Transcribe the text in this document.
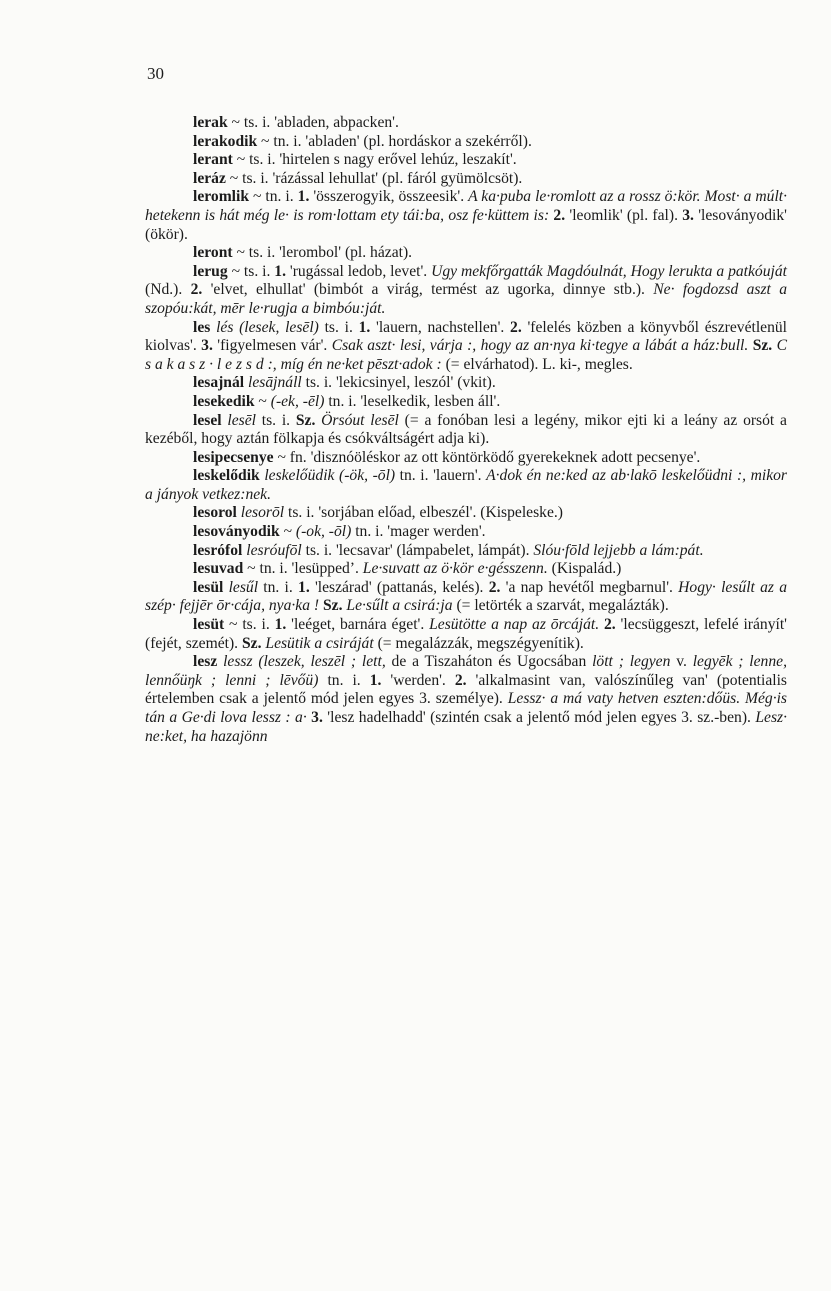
30

lerak ~ ts. i. 'abladen, abpacken'.

lerakodik ~ tn. i. 'abladen' (pl. hordáskor a szekérről).

lerant ~ ts. i. 'hirtelen s nagy erővel lehúz, leszakít'.

leráz ~ ts. i. 'rázással lehullat' (pl. fáról gyümölcsöt).

leromlik ~ tn. i. 1. 'összerogyik, összeesik'. A ka·puba le·romlott az a rossz ö:kör. Most· a múlt· hetekenn is hát még le· is rom·lottam ety tái:ba, osz fe·küttem is: 2. 'leomlik' (pl. fal). 3. 'lesoványodik' (ökör).

leront ~ ts. i. 'lerombol' (pl. házat).

lerug ~ ts. i. 1. 'rugással ledob, levet'. Ugy mekfőrgatták Magdóulnát, Hogy lerukta a patkóuját (Nd.). 2. 'elvet, elhullat' (bimbót a virág, termést az ugorka, dinnye stb.). Ne· fogdozsd aszt a szopóu:kát, mēr le·rugja a bimbóu:ját.

les lés (lesek, lesēl) ts. i. 1. 'lauern, nachstellen'. 2. 'felelés közben a könyvből észrevétlenül kiolvas'. 3. 'figyelmesen vár'. Csak aszt· lesi, várja :, hogy az an·nya ki·tegye a lábát a ház:bull. Sz. C s a k a s z · l e z s d :, míg én ne·ket pēszt·adok : (= elvárhatod). L. ki-, megles.

lesajnál lesājnáll ts. i. 'lekicsinyel, leszól' (vkit).

lesekedik ~ (-ek, -ēl) tn. i. 'leselkedik, lesben áll'.

lesel lesēl ts. i. Sz. Örsóut lesēl (= a fonóban lesi a legény, mikor ejti ki a leány az orsót a kezéből, hogy aztán fölkapja és csókváltságért adja ki).

lesipecsenye ~ fn. 'disznóöléskor az ott köntörködő gyerekeknek adott pecsenye'.

leskelődik leskelőüdik (-ök, -ōl) tn. i. 'lauern'. A·dok én ne:ked az ab·lakō leskelőüdni :, mikor a jányok vetkez:nek.

lesorol lesorōl ts. i. 'sorjában előad, elbeszél'. (Kispeleske.)

lesoványodik ~ (-ok, -ōl) tn. i. 'mager werden'.

lesrófol lesróufōl ts. i. 'lecsavar' (lámpabelet, lámpát). Slóu·fōld lejjebb a lám:pát.

lesuvad ~ tn. i. 'lesüppedʼ. Le·suvatt az ö·kör e·gésszenn. (Kispalád.)

lesül lesűl tn. i. 1. 'leszárad' (pattanás, kelés). 2. 'a nap hevétől megbarnul'. Hogy· lesűlt az a szép· fejjēr ōr·cája, nya·ka ! Sz. Le·sűlt a csirá:ja (= letörték a szarvát, megalázták).

lesüt ~ ts. i. 1. 'leéget, barnára éget'. Lesütötte a nap az ōrcáját. 2. 'lecsüggeszt, lefelé irányít' (fejét, szemét). Sz. Lesütik a csiráját (= megalázzák, megszégyenítik).

lesz lessz (leszek, leszēl ; lett, de a Tiszaháton és Ugocsában lött ; legyen v. legyēk ; lenne, lennőüŋk ; lenni ; lēvőü) tn. i. 1. 'werden'. 2. 'alkalmasint van, valószínűleg van' (potentialis értelemben csak a jelentő mód jelen egyes 3. személye). Lessz· a má vaty hetven eszten:dőüs. Még·is tán a Ge·di lova lessz : a· 3. 'lesz hadelhadd' (szintén csak a jelentő mód jelen egyes 3. sz.-ben). Lesz· ne:ket, ha hazajönn
